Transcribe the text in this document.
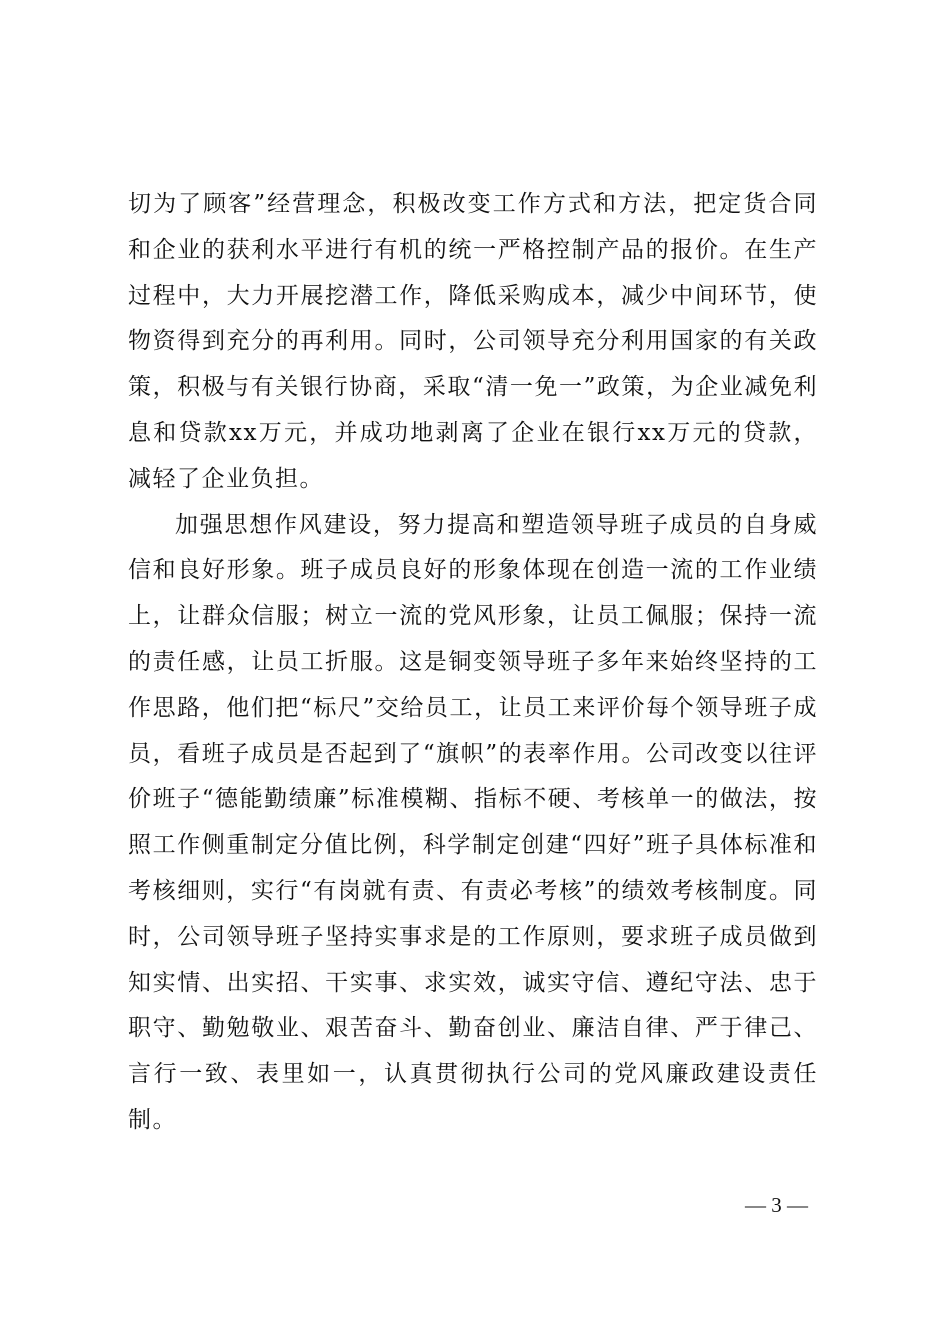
切为了顾客”经营理念，积极改变工作方式和方法，把定货合同和企业的获利水平进行有机的统一严格控制产品的报价。在生产过程中，大力开展挖潜工作，降低采购成本，减少中间环节，使物资得到充分的再利用。同时，公司领导充分利用国家的有关政策，积极与有关银行协商，采取“清一免一”政策，为企业减免利息和贷款xx万元，并成功地剥离了企业在银行xx万元的贷款，减轻了企业负担。

加强思想作风建设，努力提高和塑造领导班子成员的自身威信和良好形象。班子成员良好的形象体现在创造一流的工作业绩上，让群众信服；树立一流的党风形象，让员工佩服；保持一流的责任感，让员工折服。这是铜变领导班子多年来始终坚持的工作思路，他们把“标尺”交给员工，让员工来评价每个领导班子成员，看班子成员是否起到了“旗帜”的表率作用。公司改变以往评价班子“德能勤绩廉”标准模糊、指标不硬、考核单一的做法，按照工作侧重制定分值比例，科学制定创建“四好”班子具体标准和考核细则，实行“有岗就有责、有责必考核”的绩效考核制度。同时，公司领导班子坚持实事求是的工作原则，要求班子成员做到知实情、出实招、干实事、求实效，诚实守信、遵纪守法、忠于职守、勤勉敬业、艰苦奋斗、勤奋创业、廉洁自律、严于律己、言行一致、表里如一，认真贯彻执行公司的党风廉政建设责任制。

— 3 —
